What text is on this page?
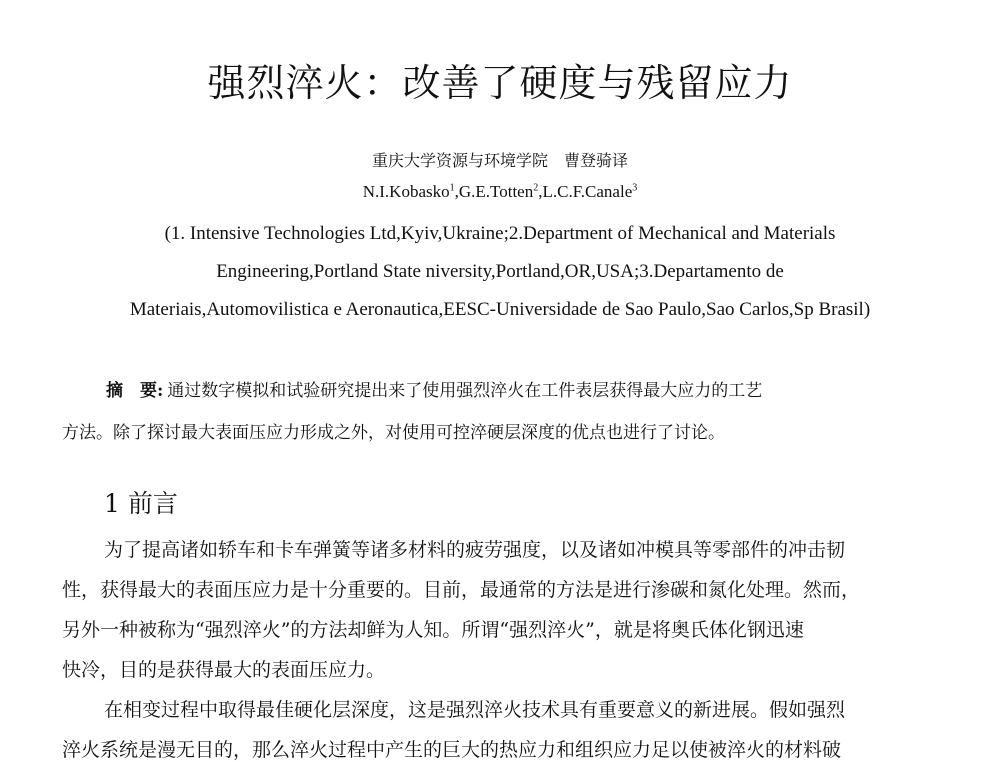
强烈淬火：改善了硬度与残留应力
重庆大学资源与环境学院　曹登骑译
N.I.Kobasko$^1$,G.E.Totten$^2$,L.C.F.Canale$^3$
(1. Intensive Technologies Ltd,Kyiv,Ukraine;2.Department of Mechanical and Materials
Engineering,Portland State niversity,Portland,OR,USA;3.Departamento de
Materiais,Automovilistica e Aeronautica,EESC-Universidade de Sao Paulo,Sao Carlos,Sp Brasil)
摘　要: 通过数字模拟和试验研究提出来了使用强烈淬火在工件表层获得最大应力的工艺
方法。除了探讨最大表面压应力形成之外，对使用可控淬硬层深度的优点也进行了讨论。
1 前言
为了提高诸如轿车和卡车弹簧等诸多材料的疲劳强度，以及诸如冲模具等零部件的冲击韧
性，获得最大的表面压应力是十分重要的。目前，最通常的方法是进行渗碳和氮化处理。然而，
另外一种被称为“强烈淬火”的方法却鲜为人知。所谓“强烈淬火”，就是将奥氏体化钢迅速
快冷，目的是获得最大的表面压应力。
在相变过程中取得最佳硬化层深度，这是强烈淬火技术具有重要意义的新进展。假如强烈
淬火系统是漫无目的，那么淬火过程中产生的巨大的热应力和组织应力足以使被淬火的材料破
